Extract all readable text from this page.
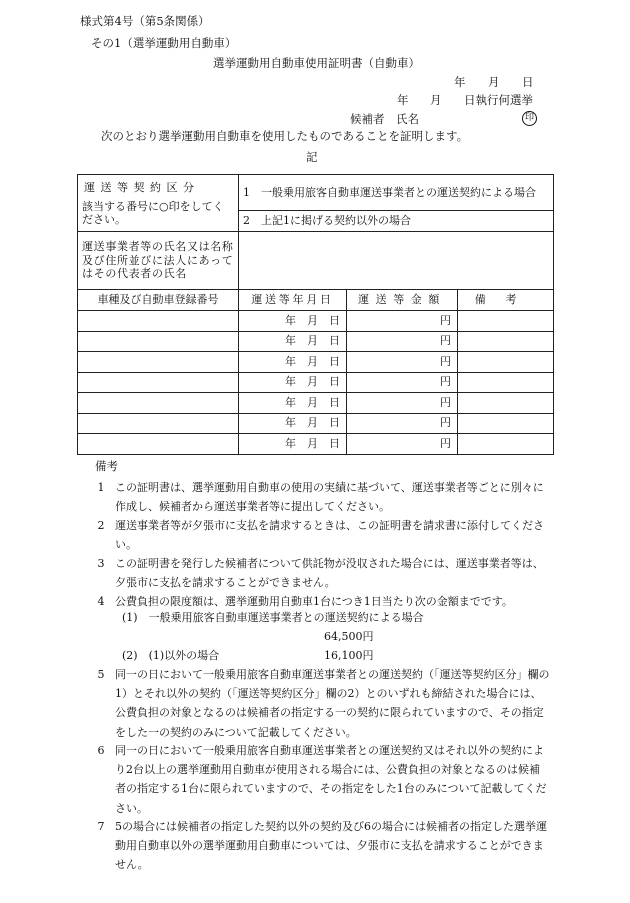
様式第4号（第5条関係）
その1（選挙運動用自動車）
選挙運動用自動車使用証明書（自動車）
年 月 日
年 月 日執行何選挙
候補者　氏名	印
次のとおり選挙運動用自動車を使用したものであることを証明します。
記
運送等契約区分
該当する番号に○印をしてください。	1　一般乗用旅客自動車運送事業者との運送契約による場合		
	2　上記1に掲げる契約以外の場合		
運送事業者等の氏名又は名称及び住所並びに法人にあってはその代表者の氏名			
車種及び自動車登録番号	運送等年月日	運送等金額	備考
	年　月　日	円	
	年　月　日	円	
	年　月　日	円	
	年　月　日	円	
	年　月　日	円	
	年　月　日	円	
	年　月　日	円	
備考
1 この証明書は、選挙運動用自動車の使用の実績に基づいて、運送事業者等ごとに別々に作成し、候補者から運送事業者等に提出してください。
2 運送事業者等が夕張市に支払を請求するときは、この証明書を請求書に添付してください。
3 この証明書を発行した候補者について供託物が没収された場合には、運送事業者等は、夕張市に支払を請求することができません。
4 公費負担の限度額は、選挙運動用自動車1台につき1日当たり次の金額までです。
(1)　一般乗用旅客自動車運送事業者との運送契約による場合
64,500円
(2)　(1)以外の場合	16,100円
5 同一の日において一般乗用旅客自動車運送事業者との運送契約（「運送等契約区分」欄の1）とそれ以外の契約（「運送等契約区分」欄の2）とのいずれも締結された場合には、公費負担の対象となるのは候補者の指定する一の契約に限られていますので、その指定をした一の契約のみについて記載してください。
6 同一の日において一般乗用旅客自動車運送事業者との運送契約又はそれ以外の契約により2台以上の選挙運動用自動車が使用される場合には、公費負担の対象となるのは候補者の指定する1台に限られていますので、その指定をした1台のみについて記載してください。
7 5の場合には候補者の指定した契約以外の契約及び6の場合には候補者の指定した選挙運動用自動車以外の選挙運動用自動車については、夕張市に支払を請求することができません。
